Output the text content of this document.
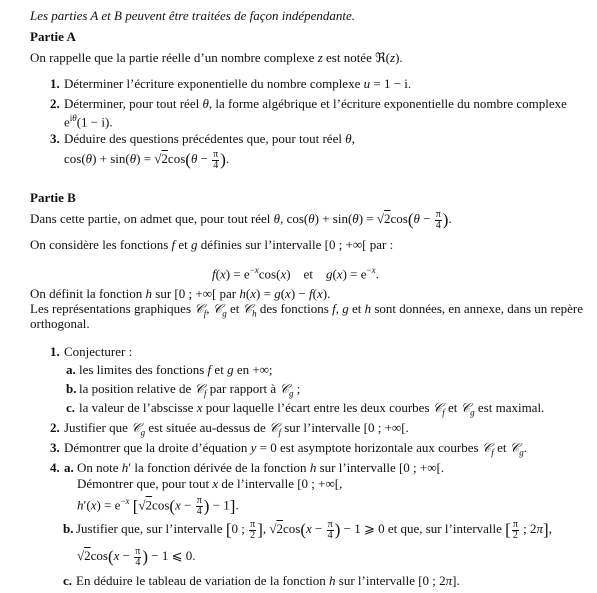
Les parties A et B peuvent être traitées de façon indépendante.
Partie A
On rappelle que la partie réelle d’un nombre complexe z est notée ℜ(z).
1. Déterminer l’écriture exponentielle du nombre complexe u = 1 − i.
2. Déterminer, pour tout réel θ, la forme algébrique et l’écriture exponentielle du nombre complexe
$e^{i\theta}(1 - i)$.
3. Déduire des questions précédentes que, pour tout réel θ,
$\cos(\theta) + \sin(\theta) = √2\cos(\theta - \frac{\pi}{4}$ ).
Partie B
Dans cette partie, on admet que, pour tout réel θ, $\cos(\theta) + \sin(\theta) = √2\cos(\theta - \frac{\pi}{4}$ ).
On considère les fonctions f et g définies sur l’intervalle [0 ; +∞[ par :
$f(x) = e^{-x}\cos(x)$    et    $g(x) = e^{-x}$.
On définit la fonction h sur [0 ; +∞[ par h(x) = g(x) − f(x).
Les représentations graphiques 𝒞$_f$, 𝒞$_g$ et 𝒞$_h$ des fonctions f, g et h sont données, en annexe, dans un repère
orthogonal.
1. Conjecturer :
a. les limites des fonctions f et g en +∞;
b. la position relative de 𝒞$_f$ par rapport à 𝒞$_g$ ;
c. la valeur de l’abscisse x pour laquelle l’écart entre les deux courbes 𝒞$_f$ et 𝒞$_g$ est maximal.
2. Justifier que 𝒞$_g$ est située au-dessus de 𝒞$_f$ sur l’intervalle [0 ; +∞[.
3. Démontrer que la droite d’équation y = 0 est asymptote horizontale aux courbes 𝒞$_f$ et 𝒞$_g$.
4. a. On note h′ la fonction dérivée de la fonction h sur l’intervalle [0 ; +∞[.
Démontrer que, pour tout x de l’intervalle [0 ; +∞[,
$h'(x) = e^{-x}$ [$√2\cos(x - \frac{\pi}{4}$ ) − 1].
b. Justifier que, sur l’intervalle [0 ; $\frac{\pi}{2}$ ], $√2\cos(x - \frac{\pi}{4}$ ) − 1 ⩾ 0 et que, sur l’intervalle [ $\frac{\pi}{2}$ ; 2π],
$√2\cos(x - \frac{\pi}{4}$ ) − 1 ⩽ 0.
c. En déduire le tableau de variation de la fonction h sur l’intervalle [0 ; 2π].
